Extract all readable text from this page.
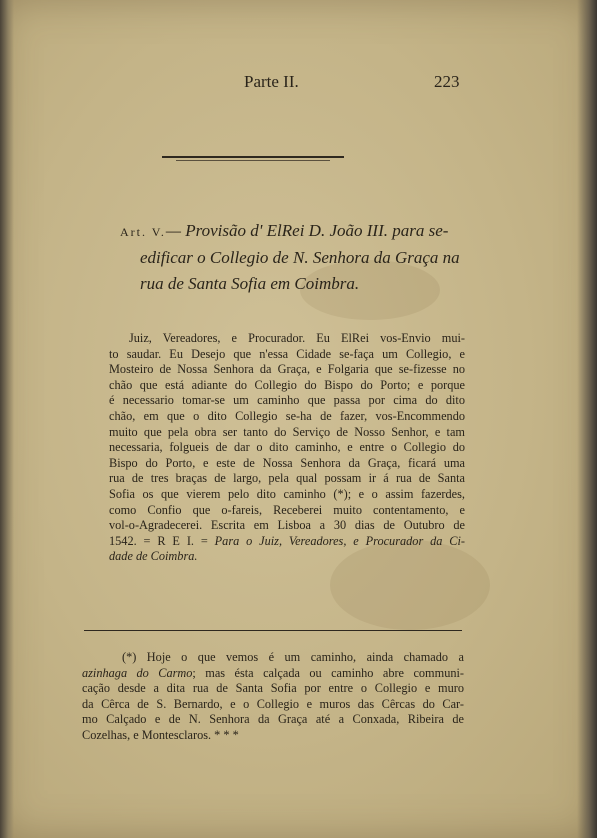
Parte II.	223
Art. V.— Provisão d' ElRei D. João III. para se-
edificar o Collegio de N. Senhora da Graça na
rua de Santa Sofia em Coimbra.
Juiz, Vereadores, e Procurador. Eu ElRei vos-Envio mui-
to saudar. Eu Desejo que n'essa Cidade se-faça um Collegio, e
Mosteiro de Nossa Senhora da Graça, e Folgaria que se-fizesse no
chão que está adiante do Collegio do Bispo do Porto; e porque
é necessario tomar-se um caminho que passa por cima do dito
chão, em que o dito Collegio se-ha de fazer, vos-Encommendo
muito que pela obra ser tanto do Serviço de Nosso Senhor, e tam
necessaria, folgueis de dar o dito caminho, e entre o Collegio do
Bispo do Porto, e este de Nossa Senhora da Graça, ficará uma
rua de tres braças de largo, pela qual possam ir á rua de Santa
Sofia os que vierem pelo dito caminho (*); e o assim fazerdes,
como Confio que o-fareis, Receberei muito contentamento, e
vol-o-Agradecerei. Escrita em Lisboa a 30 dias de Outubro de
1542. = R E I. = Para o Juiz, Vereadores, e Procurador da Ci-
dade de Coimbra.
(*) Hoje o que vemos é um caminho, ainda chamado a
azinhaga do Carmo; mas ésta calçada ou caminho abre communi-
cação desde a dita rua de Santa Sofia por entre o Collegio e muro
da Cêrca de S. Bernardo, e o Collegio e muros das Cêrcas do Car-
mo Calçado e de N. Senhora da Graça até a Conxada, Ribeira de
Cozelhas, e Montesclaros. * * *
